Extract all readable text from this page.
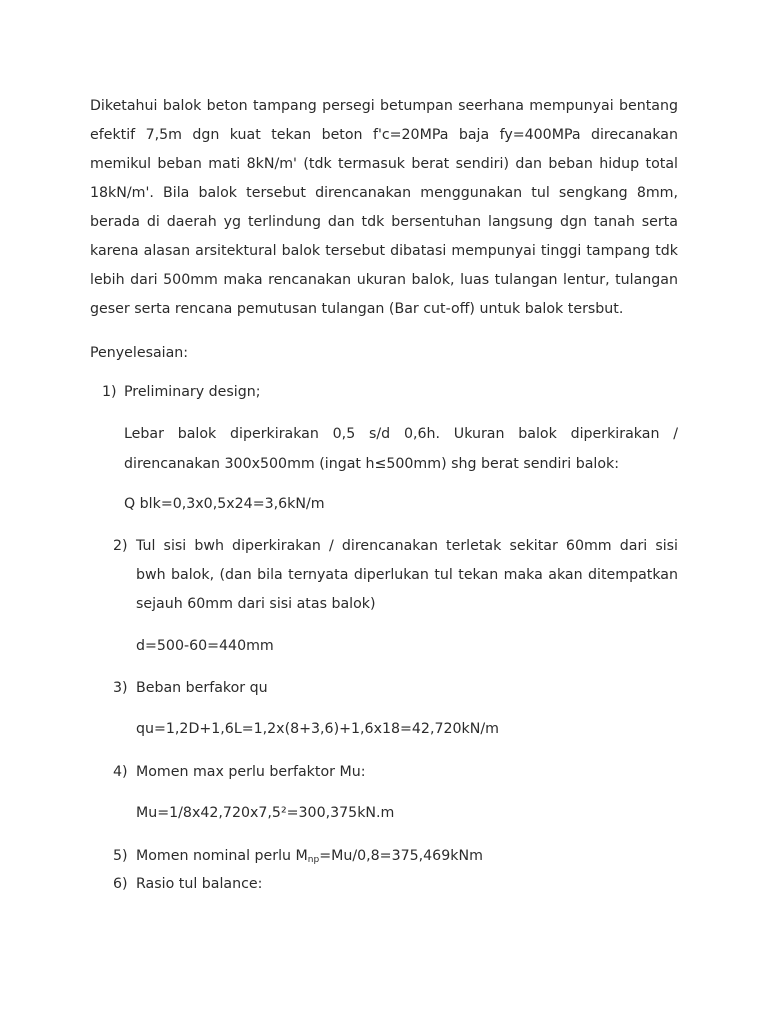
Diketahui balok beton tampang persegi betumpan seerhana mempunyai bentang
efektif 7,5m dgn kuat tekan beton f'c=20MPa baja fy=400MPa direcanakan
memikul beban mati 8kN/m' (tdk termasuk berat sendiri) dan beban hidup total
18kN/m'. Bila balok tersebut direncanakan menggunakan tul sengkang 8mm,
berada di daerah yg terlindung dan tdk bersentuhan langsung dgn tanah serta
karena alasan arsitektural balok tersebut dibatasi mempunyai tinggi tampang tdk
lebih dari 500mm maka rencanakan ukuran balok, luas tulangan lentur, tulangan
geser serta rencana pemutusan tulangan (Bar cut-off) untuk balok tersbut.
Penyelesaian:
1) Preliminary design;
Lebar balok diperkirakan 0,5 s/d 0,6h. Ukuran balok diperkirakan /
direncanakan 300x500mm (ingat h≤500mm) shg berat sendiri balok:
Q blk=0,3x0,5x24=3,6kN/m
2) Tul sisi bwh diperkirakan / direncanakan terletak sekitar 60mm dari sisi
bwh balok, (dan bila ternyata diperlukan tul tekan maka akan ditempatkan
sejauh 60mm dari sisi atas balok)
d=500-60=440mm
3) Beban berfakor qu
qu=1,2D+1,6L=1,2x(8+3,6)+1,6x18=42,720kN/m
4) Momen max perlu berfaktor Mu:
Mu=1/8x42,720x7,5²=300,375kN.m
5) Momen nominal perlu $M_{np}=Mu/0,8=375,469kNm$
6) Rasio tul balance:
